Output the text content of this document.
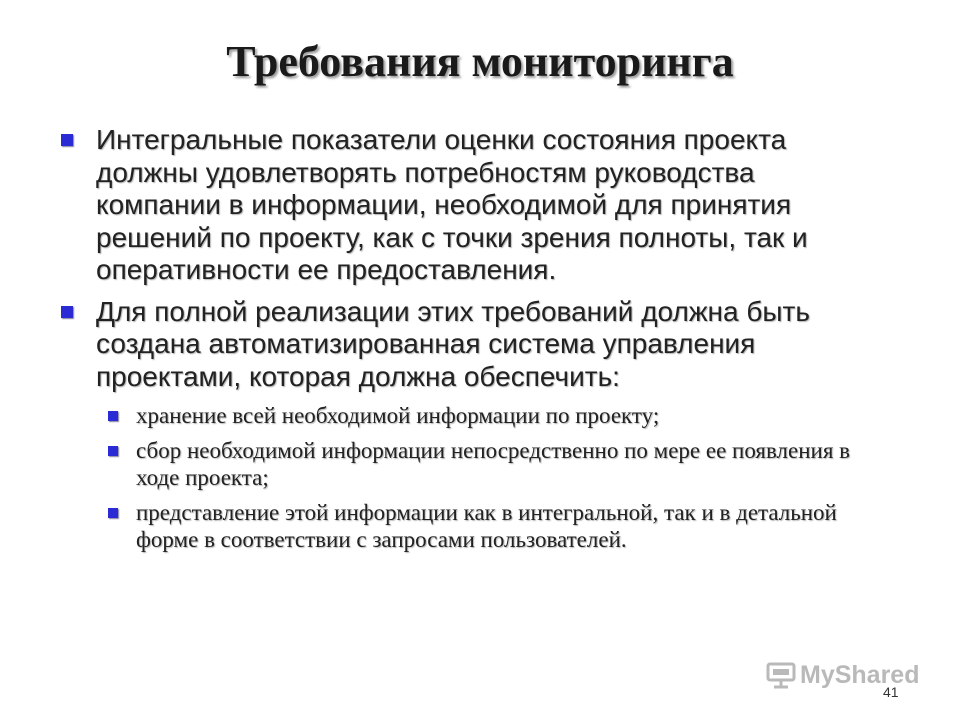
Требования мониторинга
Интегральные показатели оценки состояния проекта должны удовлетворять потребностям руководства компании в информации, необходимой для принятия решений по проекту, как с точки зрения полноты, так и оперативности ее предоставления.
Для полной реализации этих требований должна быть создана автоматизированная система управления проектами, которая должна обеспечить:
хранение всей необходимой информации по проекту;
сбор необходимой информации непосредственно по мере ее появления в ходе проекта;
представление этой информации как в интегральной, так и в детальной форме в соответствии с запросами пользователей.
MyShared
41
